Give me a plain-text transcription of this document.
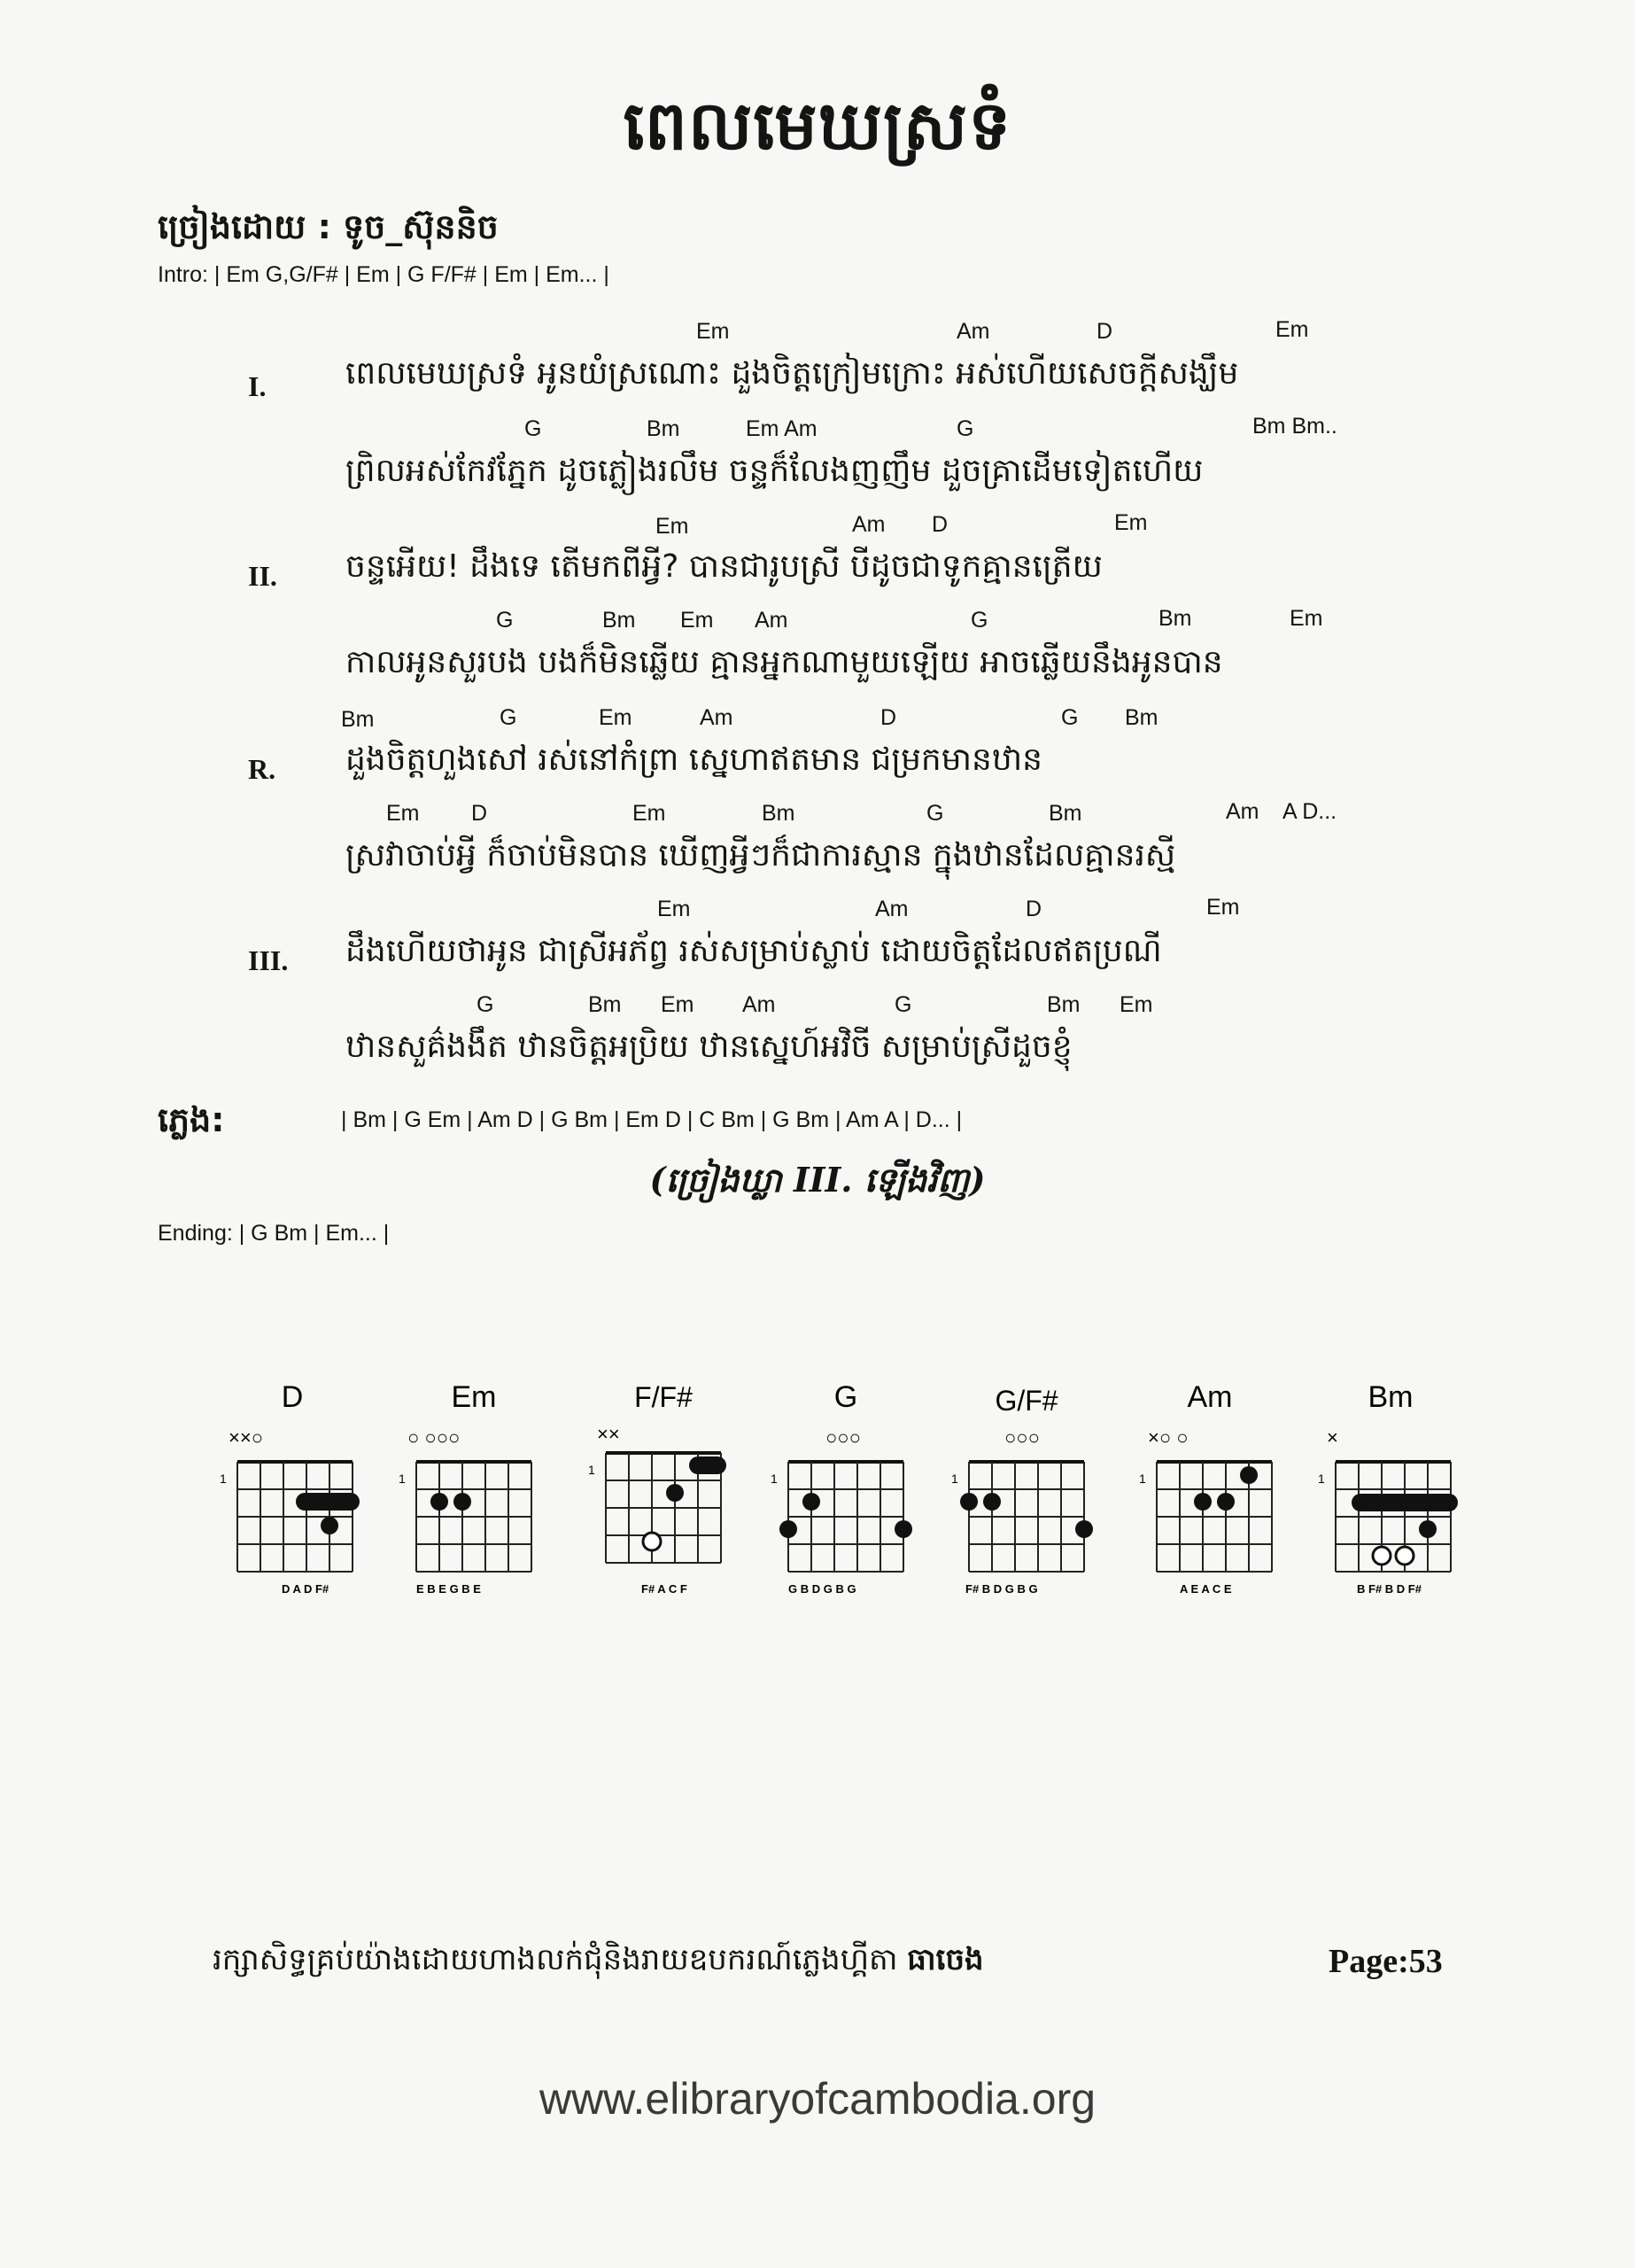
ពេលមេឃស្រទំ
ច្រៀងដោយ : ទូច_ស៊ុននិច
Intro: | Em G,G/F# | Em | G F/F# | Em | Em... |
I.
Em	Am	D	Em
ពេលមេឃស្រទំ អូនយំស្រណោះ ដួងចិត្តក្រៀមក្រោះ អស់ហើយសេចក្ដីសង្ឃឹម
G	Bm	Em Am	G	Bm Bm..
ព្រិលអស់កែវភ្នែក ដូចភ្លៀងរលឹម ចន្ទក៏លែងញញឹម ដួចគ្រាដើមទៀតហើយ
II.
Em	Am D	Em
ចន្ទអើយ! ដឹងទេ តើមកពីអ្វី? បានជារូបស្រី បីដូចជាទូកគ្មានត្រើយ
G	Bm Em Am	G	Bm	Em
កាលអូនសួរបង បងក៏មិនឆ្លើយ គ្មានអ្នកណាមួយឡើយ អាចឆ្លើយនឹងអូនបាន
R.
Bm	G	Em	Am	D	G Bm
ដួងចិត្តហួងសៅ រស់នៅកំព្រា ស្នេហាឥតមាន ជម្រកមានឋាន
Em D	Em	Bm	G	Bm	Am A D...
ស្រវាចាប់អ្វី ក៏ចាប់មិនបាន ឃើញអ្វីៗក៏ជាការស្មាន ក្នុងឋានដែលគ្មានរស្មី
III.
Em	Am	D	Em
ដឹងហើយថាអូន ជាស្រីអភ័ព្វ រស់សម្រាប់ស្លាប់ ដោយចិត្តដែលឥតប្រណី
G	Bm Em Am	G	Bm Em
ឋានសួគ៌ងងឹត ឋានចិត្តអប្រិយ ឋានស្នេហ៍អវិចី សម្រាប់ស្រីដួចខ្ញុំ
ភ្លេង:	| Bm | G Em | Am D | G Bm | Em D | C Bm | G Bm | Am A | D... |
(ច្រៀងឃ្លា III. ឡើងវិញ)
Ending: | G Bm | Em... |
D
××○
1
D A D F#
Em
○ ○○○
1
E B E G B E
F/F#
××
1
F# A C F
G
○○○
1
G B D G B G
G/F#
○○○
1
F# B D G B G
Am
×○ ○
1
A E A C E
Bm
×
1
B F# B D F#
រក្សាសិទ្ធគ្រប់យ៉ាងដោយហាងលក់ជុំនិងរាយឧបករណ៍ភ្លេងហ្គីតា ធាចេង	Page:53
www.elibraryofcambodia.org
